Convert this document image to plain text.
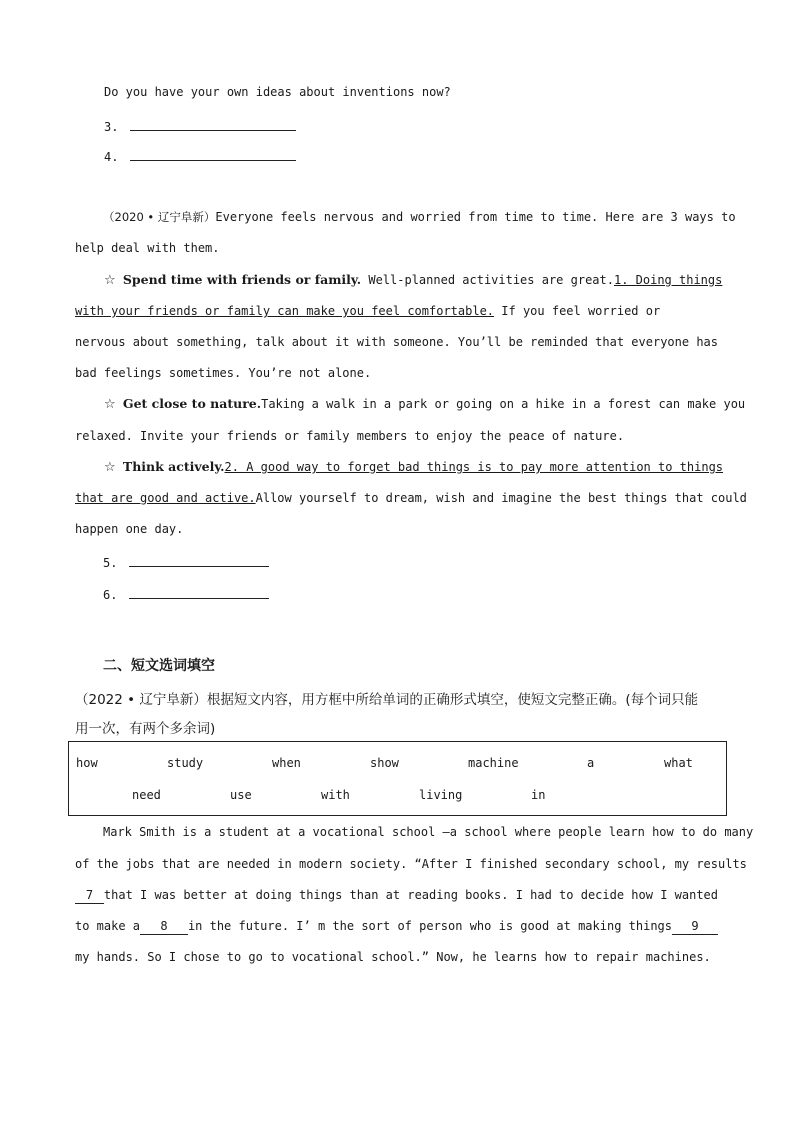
Do you have your own ideas about inventions now?
3.
4.
（2020 • 辽宁阜新）Everyone feels nervous and worried from time to time. Here are 3 ways to
help deal with them.
☆ Spend time with friends or family. Well-planned activities are great. 1. Doing things
with your friends or family can make you feel comfortable. If you feel worried or
nervous about something, talk about it with someone. You’ll be reminded that everyone has
bad feelings sometimes. You’re not alone.
☆ Get close to nature. Taking a walk in a park or going on a hike in a forest can make you
relaxed. Invite your friends or family members to enjoy the peace of nature.
☆ Think actively. 2. A good way to forget bad things is to pay more attention to things
that are good and active. Allow yourself to dream, wish and imagine the best things that could
happen one day.
5.
6.
二、短文选词填空
（2022 • 辽宁阜新）根据短文内容，用方框中所给单词的正确形式填空，使短文完整正确。(每个词只能
用一次，有两个多余词)
how	study	when	show	machine	a	what
need	use	with	living	in
Mark Smith is a student at a vocational school —a school where people learn how to do many
of the jobs that are needed in modern society. “After I finished secondary school, my results
7 that I was better at doing things than at reading books. I had to decide how I wanted
to make a	8	in the future. I’ m the sort of person who is good at making things	9
my hands. So I chose to go to vocational school.” Now, he learns how to repair machines.
